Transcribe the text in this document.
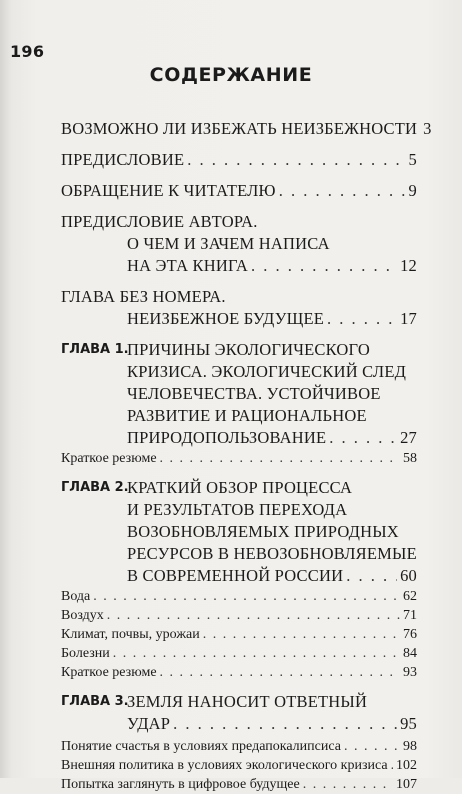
196
СОДЕРЖАНИЕ
ВОЗМОЖНО ЛИ ИЗБЕЖАТЬ НЕИЗБЕЖНОСТИ 3
ПРЕДИСЛОВИЕ . . .	5
ОБРАЩЕНИЕ К ЧИТАТЕЛЮ . . .	9
ПРЕДИСЛОВИЕ АВТОРА.
О ЧЕМ И ЗАЧЕМ НАПИСА
НА ЭТА КНИГА . . .	12
ГЛАВА БЕЗ НОМЕРА.
НЕИЗБЕЖНОЕ БУДУЩЕЕ . . .	17
ГЛАВА 1.
ПРИЧИНЫ ЭКОЛОГИЧЕСКОГО
КРИЗИСА. ЭКОЛОГИЧЕСКИЙ СЛЕД
ЧЕЛОВЕЧЕСТВА. УСТОЙЧИВОЕ
РАЗВИТИЕ И РАЦИОНАЛЬНОЕ
ПРИРОДОПОЛЬЗОВАНИЕ . . .	27
Краткое резюме . . .	58
ГЛАВА 2.
КРАТКИЙ ОБЗОР ПРОЦЕССА
И РЕЗУЛЬТАТОВ ПЕРЕХОДА
ВОЗОБНОВЛЯЕМЫХ ПРИРОДНЫХ
РЕСУРСОВ В НЕВОЗОБНОВЛЯЕМЫЕ
В СОВРЕМЕННОЙ РОССИИ . . .	60
Вода . . .	62
Воздух . . .	71
Климат, почвы, урожаи . . .	76
Болезни . . .	84
Краткое резюме . . .	93
ГЛАВА 3.
ЗЕМЛЯ НАНОСИТ ОТВЕТНЫЙ
УДАР . . .	95
Понятие счастья в условиях предапокалипсиса . . .	98
Внешняя политика в условиях экологического кризиса . . . 102
Попытка заглянуть в цифровое будущее . . .	107
